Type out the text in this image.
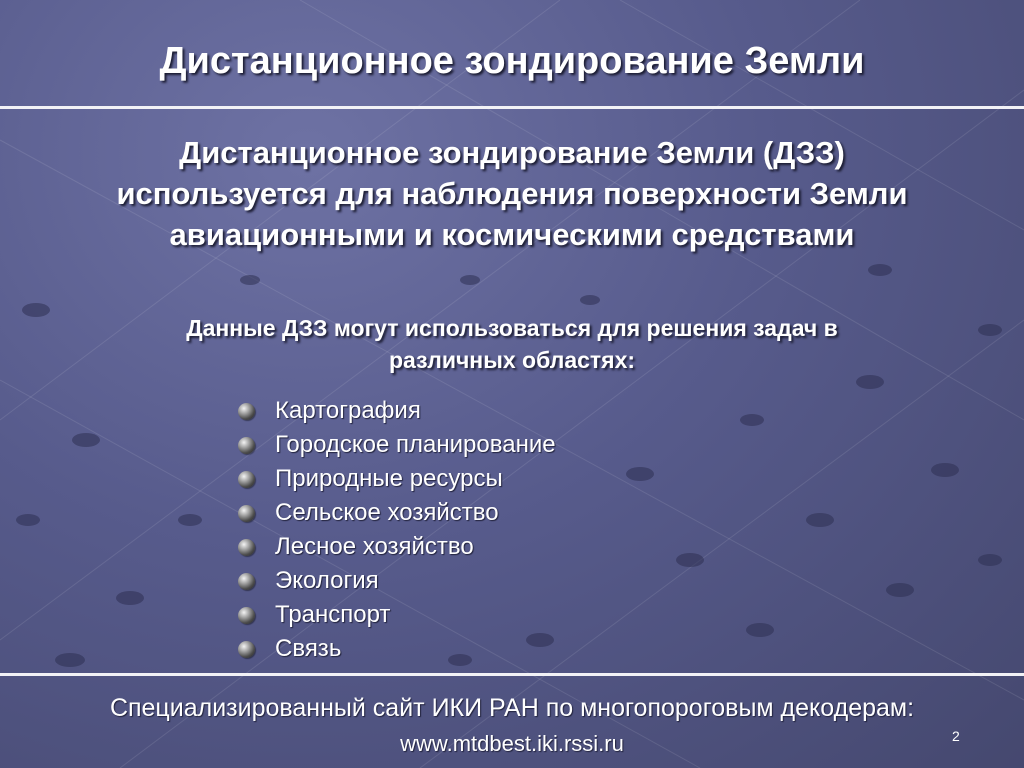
Дистанционное зондирование Земли
Дистанционное зондирование Земли (ДЗЗ)
используется для наблюдения поверхности Земли
авиационными и космическими средствами
Данные ДЗЗ могут использоваться для решения задач в
различных областях:
Картография
Городское планирование
Природные ресурсы
Сельское хозяйство
Лесное хозяйство
Экология
Транспорт
Связь
Специализированный сайт ИКИ РАН по многопороговым декодерам:
www.mtdbest.iki.rssi.ru	2
